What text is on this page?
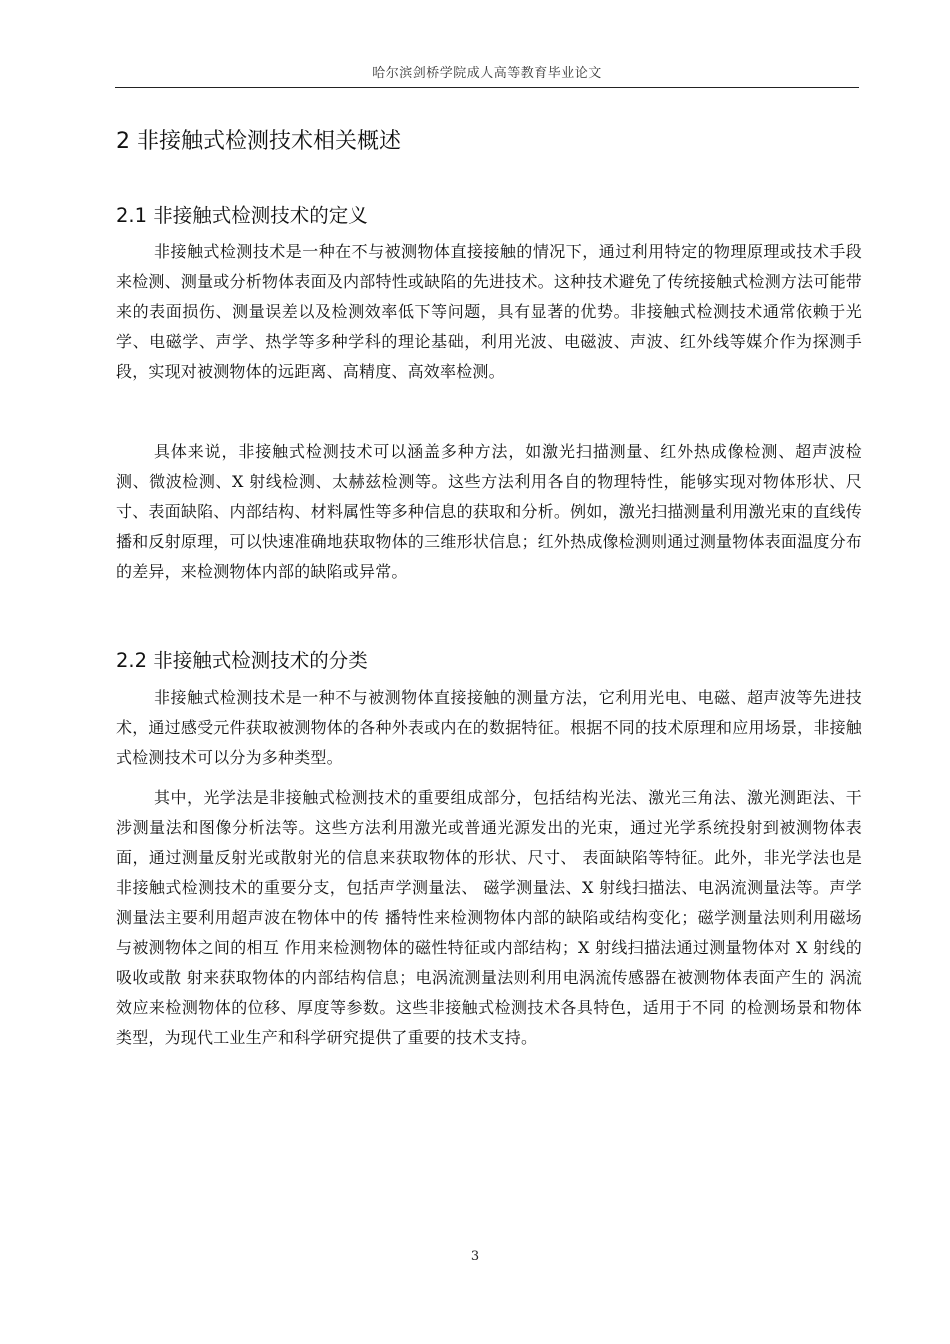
哈尔滨剑桥学院成人高等教育毕业论文
2 非接触式检测技术相关概述
2.1 非接触式检测技术的定义

非接触式检测技术是一种在不与被测物体直接接触的情况下，通过利用特定的物理原理或技术手段来检测、测量或分析物体表面及内部特性或缺陷的先进技术。这种技术避免了传统接触式检测方法可能带来的表面损伤、测量误差以及检测效率低下等问题，具有显著的优势。非接触式检测技术通常依赖于光学、电磁学、声学、热学等多种学科的理论基础，利用光波、电磁波、声波、红外线等媒介作为探测手段，实现对被测物体的远距离、高精度、高效率检测。

具体来说，非接触式检测技术可以涵盖多种方法，如激光扫描测量、红外热成像检测、超声波检测、微波检测、X 射线检测、太赫兹检测等。这些方法利用各自的物理特性，能够实现对物体形状、尺寸、表面缺陷、内部结构、材料属性等多种信息的获取和分析。例如，激光扫描测量利用激光束的直线传播和反射原理，可以快速准确地获取物体的三维形状信息；红外热成像检测则通过测量物体表面温度分布的差异，来检测物体内部的缺陷或异常。

2.2 非接触式检测技术的分类

非接触式检测技术是一种不与被测物体直接接触的测量方法，它利用光电、电磁、超声波等先进技术，通过感受元件获取被测物体的各种外表或内在的数据特征。根据不同的技术原理和应用场景，非接触式检测技术可以分为多种类型。

其中，光学法是非接触式检测技术的重要组成部分，包括结构光法、激光三角法、激光测距法、干涉测量法和图像分析法等。这些方法利用激光或普通光源发出的光束，通过光学系统投射到被测物体表面，通过测量反射光或散射光的信息来获取物体的形状、尺寸、 表面缺陷等特征。此外，非光学法也是非接触式检测技术的重要分支，包括声学测量法、 磁学测量法、X 射线扫描法、电涡流测量法等。声学测量法主要利用超声波在物体中的传 播特性来检测物体内部的缺陷或结构变化；磁学测量法则利用磁场与被测物体之间的相互 作用来检测物体的磁性特征或内部结构；X 射线扫描法通过测量物体对 X 射线的吸收或散 射来获取物体的内部结构信息；电涡流测量法则利用电涡流传感器在被测物体表面产生的 涡流效应来检测物体的位移、厚度等参数。这些非接触式检测技术各具特色，适用于不同 的检测场景和物体类型，为现代工业生产和科学研究提供了重要的技术支持。

3
